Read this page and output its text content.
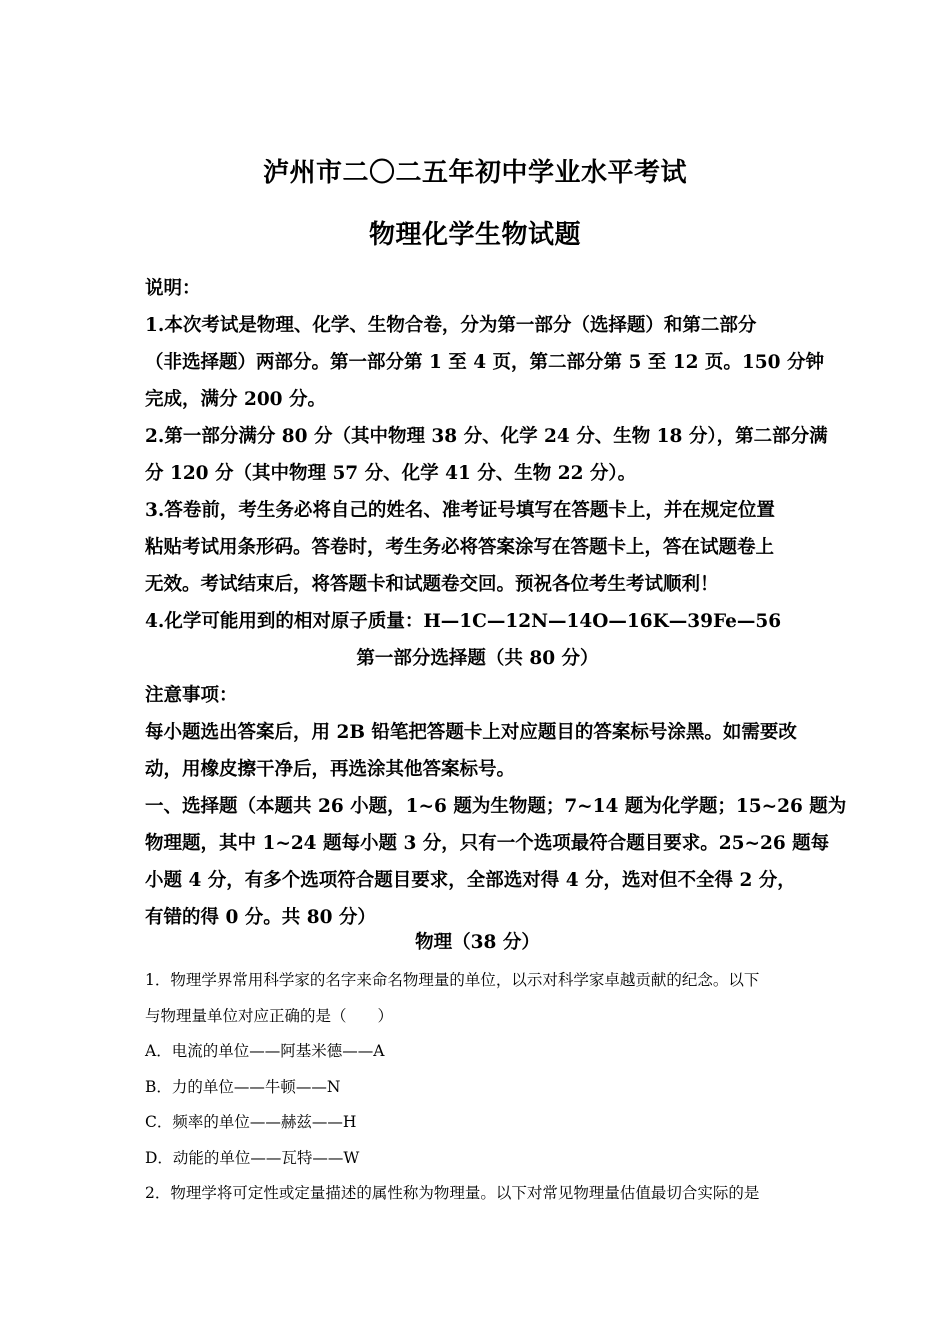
泸州市二〇二五年初中学业水平考试
物理化学生物试题
说明：
1.本次考试是物理、化学、生物合卷，分为第一部分（选择题）和第二部分
（非选择题）两部分。第一部分第 1 至 4 页，第二部分第 5 至 12 页。150 分钟
完成，满分 200 分。
2.第一部分满分 80 分（其中物理 38 分、化学 24 分、生物 18 分），第二部分满
分 120 分（其中物理 57 分、化学 41 分、生物 22 分）。
3.答卷前，考生务必将自己的姓名、准考证号填写在答题卡上，并在规定位置
粘贴考试用条形码。答卷时，考生务必将答案涂写在答题卡上，答在试题卷上
无效。考试结束后，将答题卡和试题卷交回。预祝各位考生考试顺利！
4.化学可能用到的相对原子质量：H—1C—12N—14O—16K—39Fe—56
第一部分选择题（共 80 分）
注意事项：
每小题选出答案后，用 2B 铅笔把答题卡上对应题目的答案标号涂黑。如需要改
动，用橡皮擦干净后，再选涂其他答案标号。
一、选择题（本题共 26 小题，1~6 题为生物题；7~14 题为化学题；15~26 题为
物理题，其中 1~24 题每小题 3 分，只有一个选项最符合题目要求。25~26 题每
小题 4 分，有多个选项符合题目要求，全部选对得 4 分，选对但不全得 2 分，
有错的得 0 分。共 80 分）
物理（38 分）
1．物理学界常用科学家的名字来命名物理量的单位，以示对科学家卓越贡献的纪念。以下
与物理量单位对应正确的是（　　）
A．电流的单位——阿基米德——A
B．力的单位——牛顿——N
C．频率的单位——赫兹——H
D．动能的单位——瓦特——W
2．物理学将可定性或定量描述的属性称为物理量。以下对常见物理量估值最切合实际的是
